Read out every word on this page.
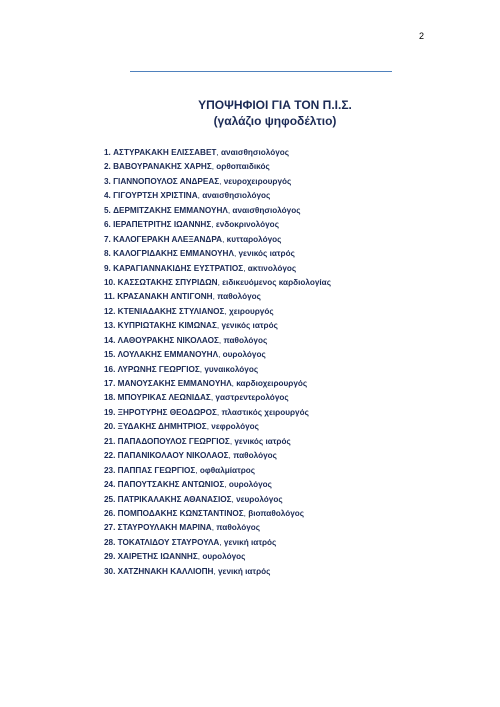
2
ΥΠΟΨΗΦΙΟΙ ΓΙΑ ΤΟΝ Π.Ι.Σ.
(γαλάζιο ψηφοδέλτιο)
1. ΑΣΤΥΡΑΚΑΚΗ ΕΛΙΣΣΑΒΕΤ, αναισθησιολόγος
2. ΒΑΒΟΥΡΑΝΑΚΗΣ ΧΑΡΗΣ, ορθοπαιδικός
3. ΓΙΑΝΝΟΠΟΥΛΟΣ ΑΝΔΡΕΑΣ, νευροχειρουργός
4. ΓΙΓΟΥΡΤΣΗ ΧΡΙΣΤΙΝΑ, αναισθησιολόγος
5. ΔΕΡΜΙΤΖΑΚΗΣ ΕΜΜΑΝΟΥΗΛ, αναισθησιολόγος
6. ΙΕΡΑΠΕΤΡΙΤΗΣ ΙΩΑΝΝΗΣ, ενδοκρινολόγος
7. ΚΑΛΟΓΕΡΑΚΗ ΑΛΕΞΑΝΔΡΑ, κυτταρολόγος
8. ΚΑΛΟΓΡΙΔΑΚΗΣ ΕΜΜΑΝΟΥΗΛ, γενικός ιατρός
9. ΚΑΡΑΓΙΑΝΝΑΚΙΔΗΣ ΕΥΣΤΡΑΤΙΟΣ, ακτινολόγος
10. ΚΑΣΣΩΤΑΚΗΣ ΣΠΥΡΙΔΩΝ, ειδικευόμενος καρδιολογίας
11. ΚΡΑΣΑΝΑΚΗ ΑΝΤΙΓΟΝΗ, παθολόγος
12. ΚΤΕΝΙΑΔΑΚΗΣ ΣΤΥΛΙΑΝΟΣ, χειρουργός
13. ΚΥΠΡΙΩΤΑΚΗΣ ΚΙΜΩΝΑΣ, γενικός ιατρός
14. ΛΑΘΟΥΡΑΚΗΣ ΝΙΚΟΛΑΟΣ, παθολόγος
15. ΛΟΥΛΑΚΗΣ ΕΜΜΑΝΟΥΗΛ, ουρολόγος
16. ΛΥΡΩΝΗΣ ΓΕΩΡΓΙΟΣ, γυναικολόγος
17. ΜΑΝΟΥΣΑΚΗΣ ΕΜΜΑΝΟΥΗΛ, καρδιοχειρουργός
18. ΜΠΟΥΡΙΚΑΣ ΛΕΩΝΙΔΑΣ, γαστρεντερολόγος
19. ΞΗΡΟΤΥΡΗΣ ΘΕΟΔΩΡΟΣ, πλαστικός χειρουργός
20. ΞΥΔΑΚΗΣ ΔΗΜΗΤΡΙΟΣ, νεφρολόγος
21. ΠΑΠΑΔΟΠΟΥΛΟΣ ΓΕΩΡΓΙΟΣ, γενικός ιατρός
22. ΠΑΠΑΝΙΚΟΛΑΟΥ ΝΙΚΟΛΑΟΣ, παθολόγος
23. ΠΑΠΠΑΣ ΓΕΩΡΓΙΟΣ, οφθαλμίατρος
24. ΠΑΠΟΥΤΣΑΚΗΣ ΑΝΤΩΝΙΟΣ, ουρολόγος
25. ΠΑΤΡΙΚΑΛΑΚΗΣ ΑΘΑΝΑΣΙΟΣ, νευρολόγος
26. ΠΟΜΠΟΔΑΚΗΣ ΚΩΝΣΤΑΝΤΙΝΟΣ, βιοπαθολόγος
27. ΣΤΑΥΡΟΥΛΑΚΗ ΜΑΡΙΝΑ, παθολόγος
28. ΤΟΚΑΤΛΙΔΟΥ ΣΤΑΥΡΟΥΛΑ, γενική ιατρός
29. ΧΑΙΡΕΤΗΣ ΙΩΑΝΝΗΣ, ουρολόγος
30. ΧΑΤΖΗΝΑΚΗ ΚΑΛΛΙΟΠΗ, γενική ιατρός
